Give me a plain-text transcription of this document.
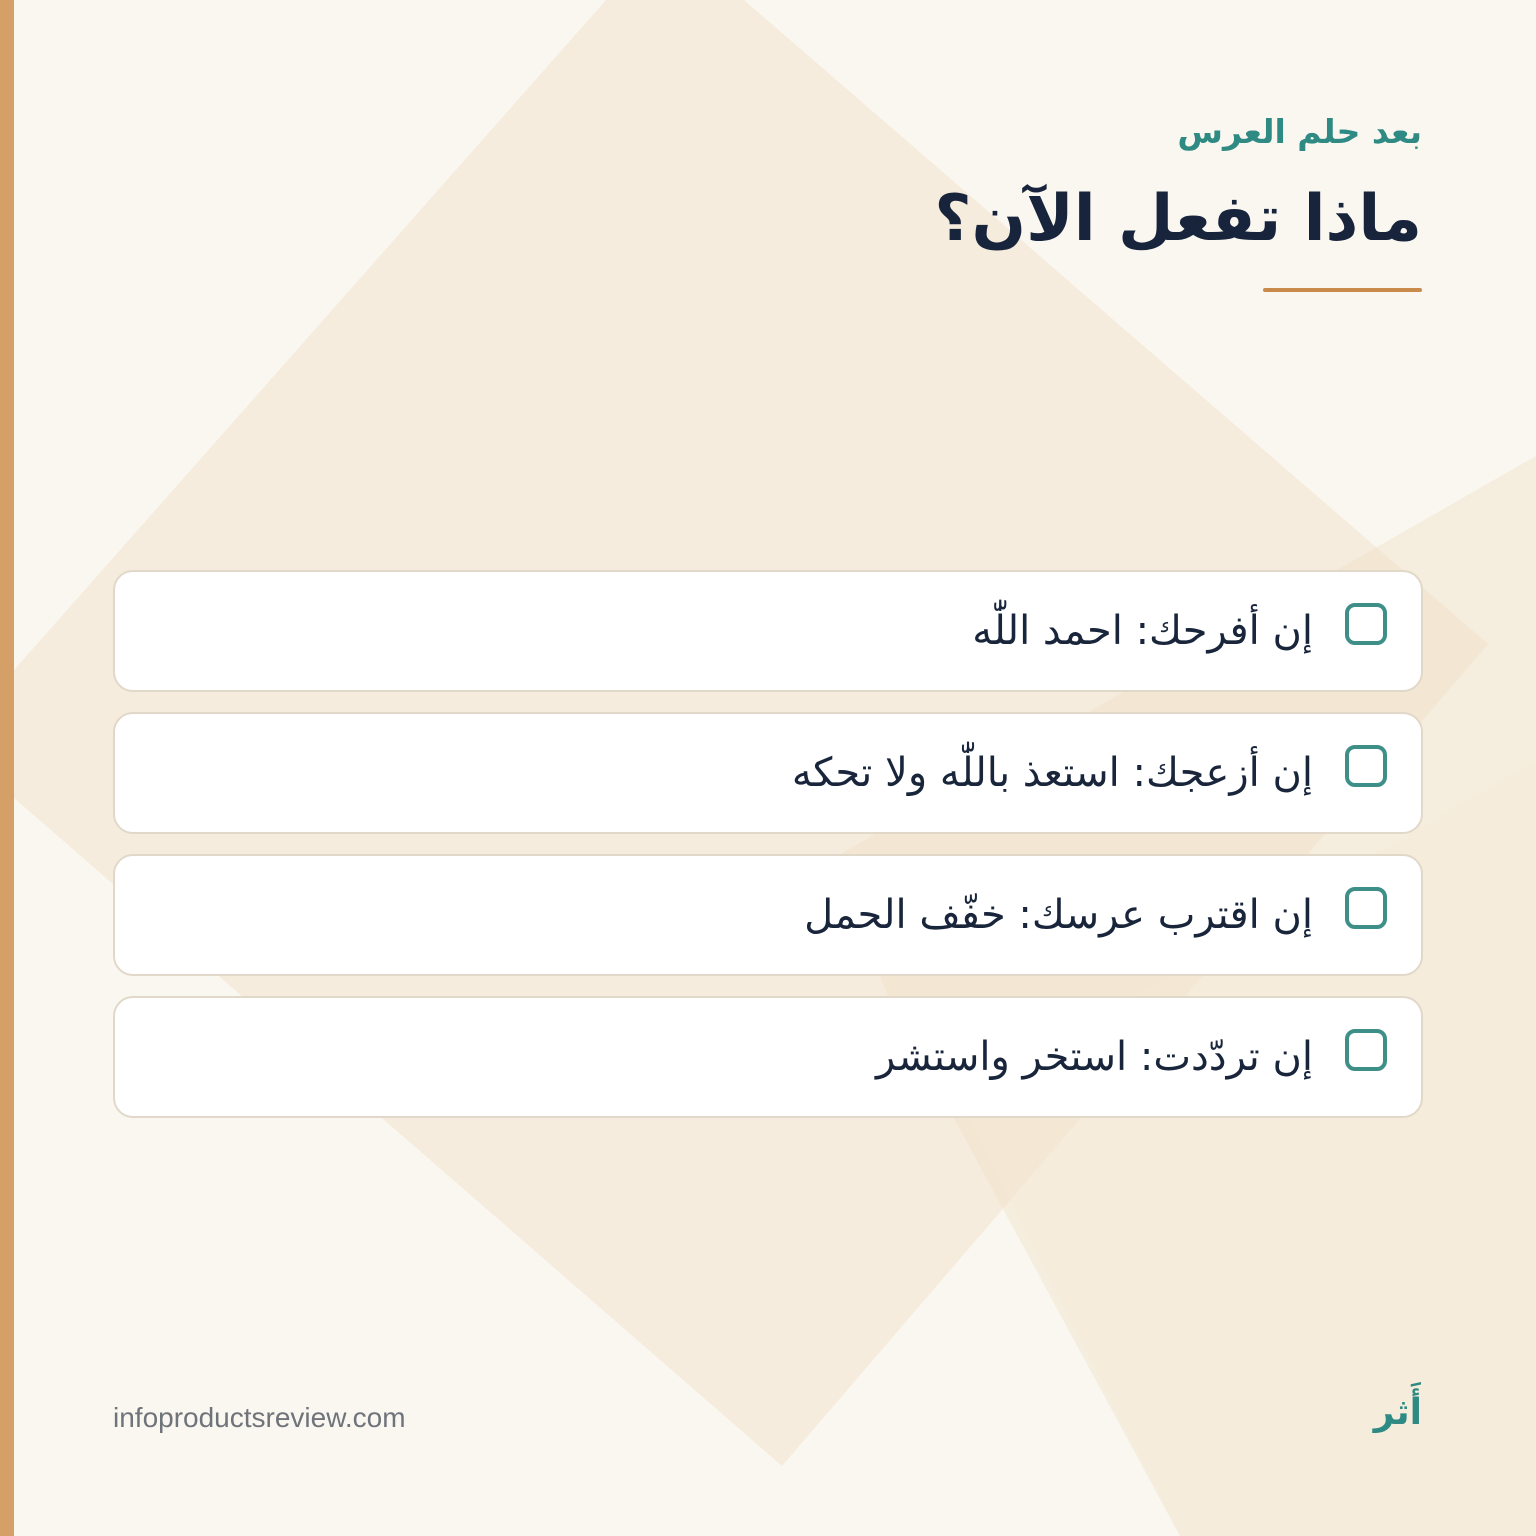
بعد حلم العرس

ماذا تفعل الآن؟
إن أفرحك: احمد اللّٰه
إن أزعجك: استعذ باللّٰه ولا تحكه
إن اقترب عرسك: خفّف الحمل
إن تردّدت: استخر واستشر
infoproductsreview.com	أَثر
